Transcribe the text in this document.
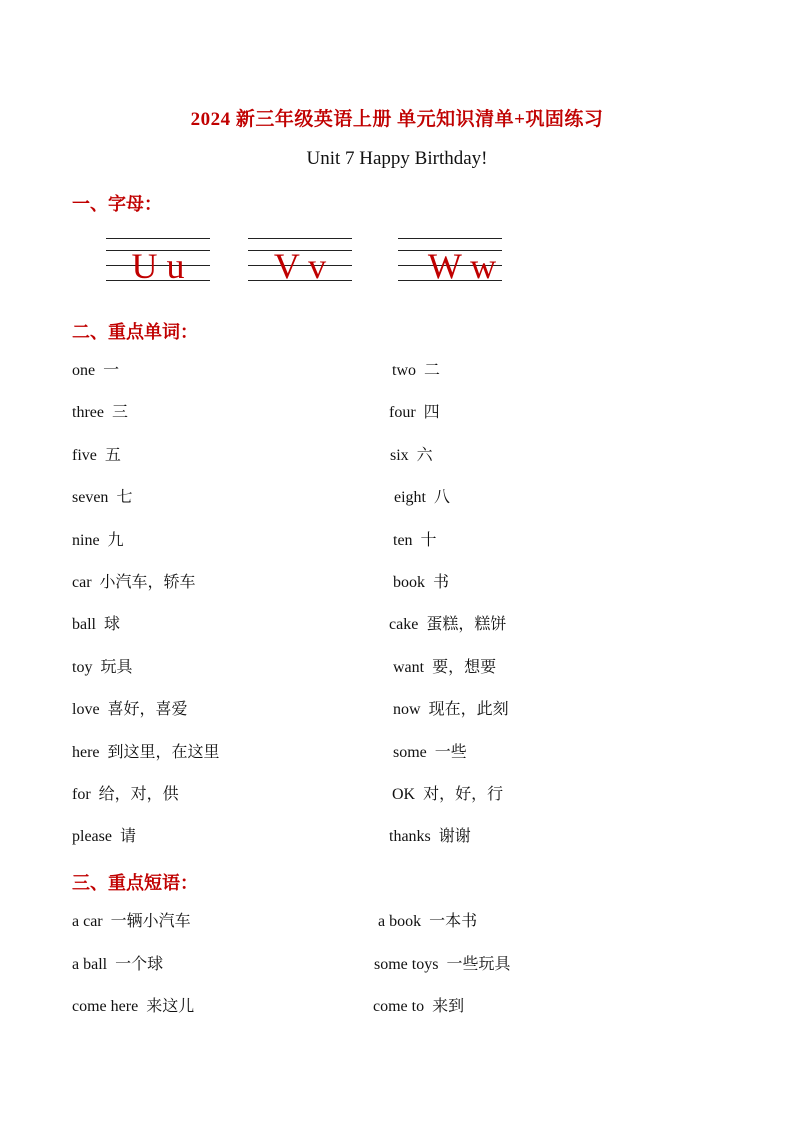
2024 新三年级英语上册 单元知识清单+巩固练习
Unit 7 Happy Birthday!
一、字母：
U u	V v	W w
二、重点单词：
one 一	two 二
three 三	four 四
five 五	six 六
seven 七	eight 八
nine 九	ten 十
car 小汽车，轿车	book 书
ball 球	cake 蛋糕，糕饼
toy 玩具	want 要，想要
love 喜好，喜爱	now 现在，此刻
here 到这里，在这里	some 一些
for 给，对，供	OK 对，好，行
please 请	thanks 谢谢
三、重点短语：
a car 一辆小汽车	a book 一本书
a ball 一个球	some toys 一些玩具
come here 来这儿	come to 来到
